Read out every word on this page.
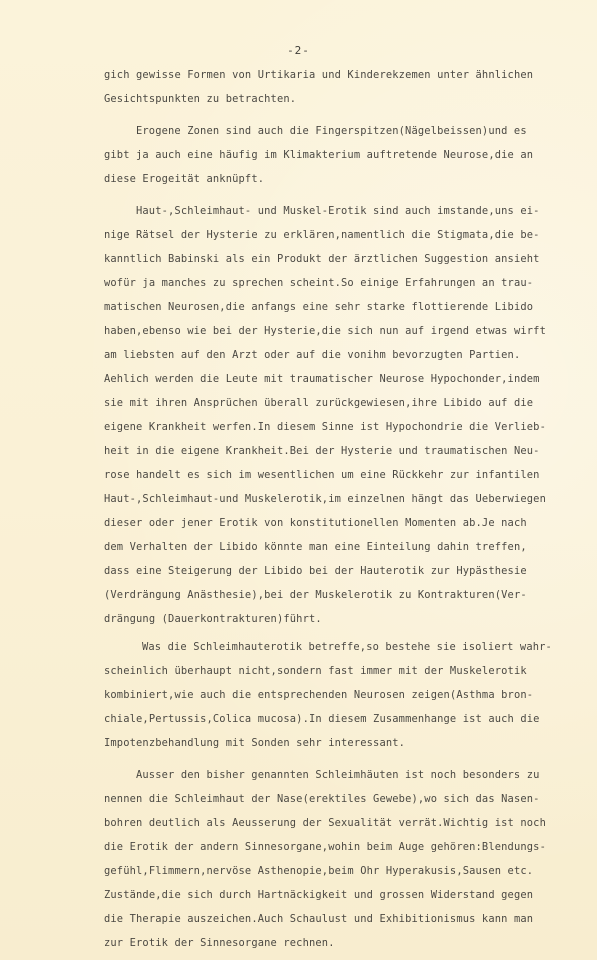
-2-
gich gewisse Formen von Urtikaria und Kinderekzemen unter ähnlichen
Gesichtspunkten zu betrachten.
Erogene Zonen sind auch die Fingerspitzen(Nägelbeissen)und es
gibt ja auch eine häufig im Klimakterium auftretende Neurose,die an
diese Erogeität anknüpft.
Haut-,Schleimhaut- und Muskel-Erotik sind auch imstande,uns ei-
nige Rätsel der Hysterie zu erklären,namentlich die Stigmata,die be-
kanntlich Babinski als ein Produkt der ärztlichen Suggestion ansieht
wofür ja manches zu sprechen scheint.So einige Erfahrungen an trau-
matischen Neurosen,die anfangs eine sehr starke flottierende Libido
haben,ebenso wie bei der Hysterie,die sich nun auf irgend etwas wirft
am liebsten auf den Arzt oder auf die vonihm bevorzugten Partien.
Aehlich werden die Leute mit traumatischer Neurose Hypochonder,indem
sie mit ihren Ansprüchen überall zurückgewiesen,ihre Libido auf die
eigene Krankheit werfen.In diesem Sinne ist Hypochondrie die Verlieb-
heit in die eigene Krankheit.Bei der Hysterie und traumatischen Neu-
rose handelt es sich im wesentlichen um eine Rückkehr zur infantilen
Haut-,Schleimhaut-und Muskelerotik,im einzelnen hängt das Ueberwiegen
dieser oder jener Erotik von konstitutionellen Momenten ab.Je nach
dem Verhalten der Libido könnte man eine Einteilung dahin treffen,
dass eine Steigerung der Libido bei der Hauterotik zur Hypästhesie
(Verdrängung Anästhesie),bei der Muskelerotik zu Kontrakturen(Ver-
drängung (Dauerkontrakturen)führt.
Was die Schleimhauterotik betreffe,so bestehe sie isoliert wahr-
scheinlich überhaupt nicht,sondern fast immer mit der Muskelerotik
kombiniert,wie auch die entsprechenden Neurosen zeigen(Asthma bron-
chiale,Pertussis,Colica mucosa).In diesem Zusammenhange ist auch die
Impotenzbehandlung mit Sonden sehr interessant.
Ausser den bisher genannten Schleimhäuten ist noch besonders zu
nennen die Schleimhaut der Nase(erektiles Gewebe),wo sich das Nasen-
bohren deutlich als Aeusserung der Sexualität verrät.Wichtig ist noch
die Erotik der andern Sinnesorgane,wohin beim Auge gehören:Blendungs-
gefühl,Flimmern,nervöse Asthenopie,beim Ohr Hyperakusis,Sausen etc.
Zustände,die sich durch Hartnäckigkeit und grossen Widerstand gegen
die Therapie auszeichen.Auch Schaulust und Exhibitionismus kann man
zur Erotik der Sinnesorgane rechnen.
